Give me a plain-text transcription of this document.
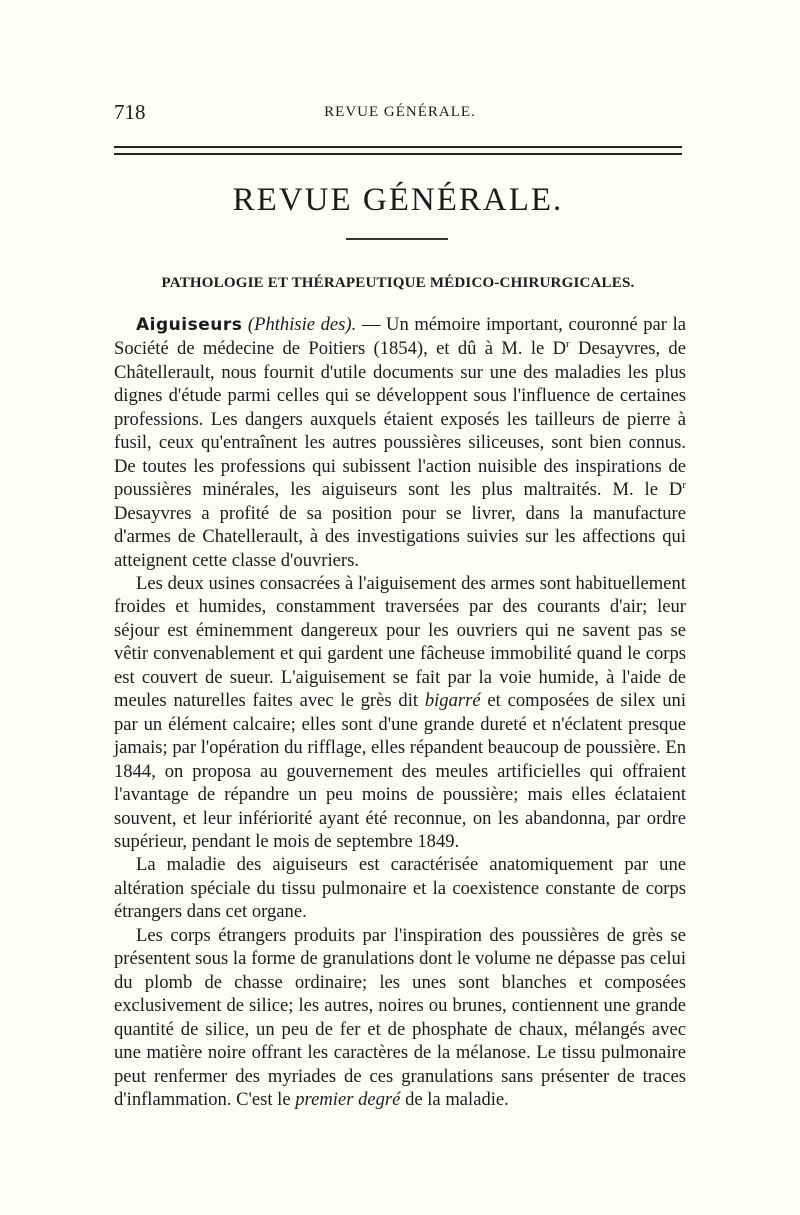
718	REVUE GÉNÉRALE.
REVUE GÉNÉRALE.
PATHOLOGIE ET THÉRAPEUTIQUE MÉDICO-CHIRURGICALES.

Aiguiseurs (Phthisie des). — Un mémoire important, couronné par la Société de médecine de Poitiers (1854), et dû à M. le $D^r$ Desayvres, de Châtellerault, nous fournit d'utile documents sur une des maladies les plus dignes d'étude parmi celles qui se développent sous l'influence de certaines professions. Les dangers auxquels étaient exposés les tailleurs de pierre à fusil, ceux qu'entraînent les autres poussières siliceuses, sont bien connus. De toutes les professions qui subissent l'action nuisible des inspirations de poussières minérales, les aiguiseurs sont les plus maltraités. M. le $D^r$ Desayvres a profité de sa position pour se livrer, dans la manufacture d'armes de Chatellerault, à des investigations suivies sur les affections qui atteignent cette classe d'ouvriers.

Les deux usines consacrées à l'aiguisement des armes sont habituellement froides et humides, constamment traversées par des courants d'air; leur séjour est éminemment dangereux pour les ouvriers qui ne savent pas se vêtir convenablement et qui gardent une fâcheuse immobilité quand le corps est couvert de sueur. L'aiguisement se fait par la voie humide, à l'aide de meules naturelles faites avec le grès dit bigarré et composées de silex uni par un élément calcaire; elles sont d'une grande dureté et n'éclatent presque jamais; par l'opération du rifflage, elles répandent beaucoup de poussière. En 1844, on proposa au gouvernement des meules artificielles qui offraient l'avantage de répandre un peu moins de poussière; mais elles éclataient souvent, et leur infériorité ayant été reconnue, on les abandonna, par ordre supérieur, pendant le mois de septembre 1849.

La maladie des aiguiseurs est caractérisée anatomiquement par une altération spéciale du tissu pulmonaire et la coexistence constante de corps étrangers dans cet organe.

Les corps étrangers produits par l'inspiration des poussières de grès se présentent sous la forme de granulations dont le volume ne dépasse pas celui du plomb de chasse ordinaire; les unes sont blanches et composées exclusivement de silice; les autres, noires ou brunes, contiennent une grande quantité de silice, un peu de fer et de phosphate de chaux, mélangés avec une matière noire offrant les caractères de la mélanose. Le tissu pulmonaire peut renfermer des myriades de ces granulations sans présenter de traces d'inflammation. C'est le premier degré de la maladie.
